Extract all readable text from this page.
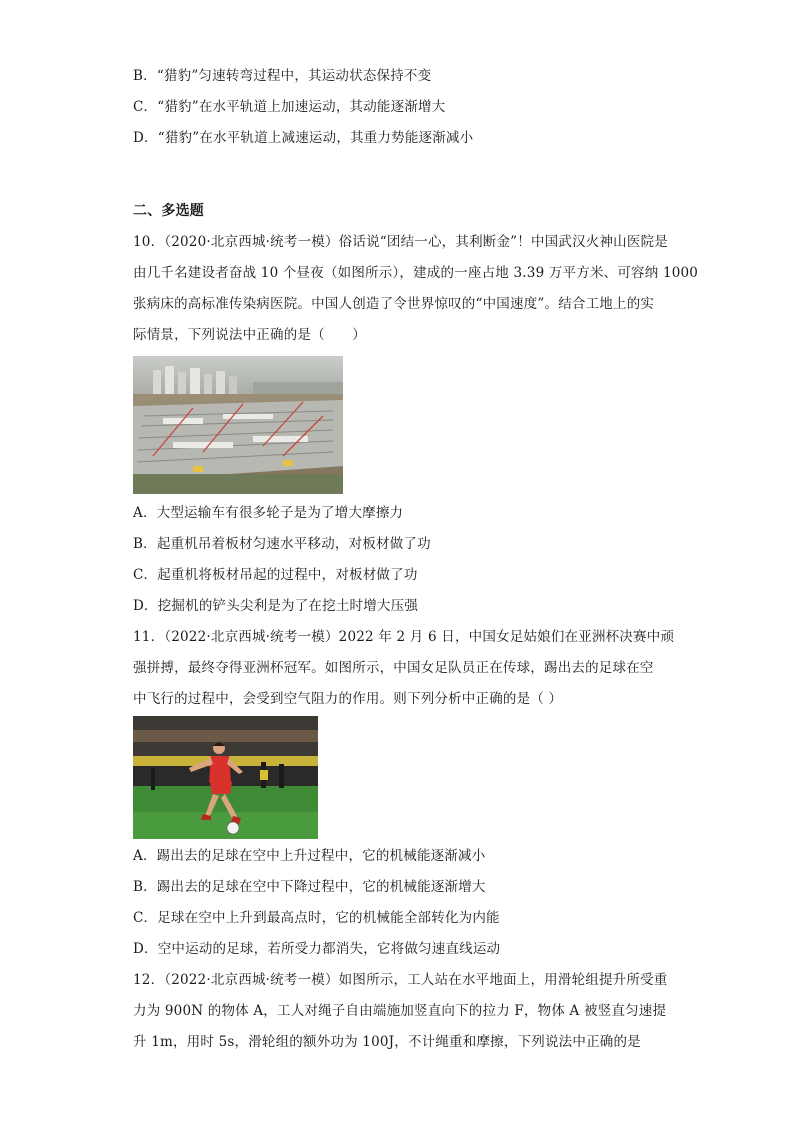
B．“猎豹”匀速转弯过程中，其运动状态保持不变
C．“猎豹”在水平轨道上加速运动，其动能逐渐增大
D．“猎豹”在水平轨道上减速运动，其重力势能逐渐减小
二、多选题
10．（2020·北京西城·统考一模）俗话说“团结一心，其利断金”！中国武汉火神山医院是
由几千名建设者奋战 10 个昼夜（如图所示），建成的一座占地 3.39 万平方米、可容纳 1000
张病床的高标准传染病医院。中国人创造了令世界惊叹的“中国速度”。结合工地上的实
际情景，下列说法中正确的是（　　）
A．大型运输车有很多轮子是为了增大摩擦力
B．起重机吊着板材匀速水平移动，对板材做了功
C．起重机将板材吊起的过程中，对板材做了功
D．挖掘机的铲头尖利是为了在挖土时增大压强
11．（2022·北京西城·统考一模）2022 年 2 月 6 日，中国女足姑娘们在亚洲杯决赛中顽
强拼搏，最终夺得亚洲杯冠军。如图所示，中国女足队员正在传球，踢出去的足球在空
中飞行的过程中，会受到空气阻力的作用。则下列分析中正确的是（ ）
A．踢出去的足球在空中上升过程中，它的机械能逐渐减小
B．踢出去的足球在空中下降过程中，它的机械能逐渐增大
C．足球在空中上升到最高点时，它的机械能全部转化为内能
D．空中运动的足球，若所受力都消失，它将做匀速直线运动
12．（2022·北京西城·统考一模）如图所示，工人站在水平地面上，用滑轮组提升所受重
力为 900N 的物体 A，工人对绳子自由端施加竖直向下的拉力 F，物体 A 被竖直匀速提
升 1m，用时 5s，滑轮组的额外功为 100J，不计绳重和摩擦，下列说法中正确的是
